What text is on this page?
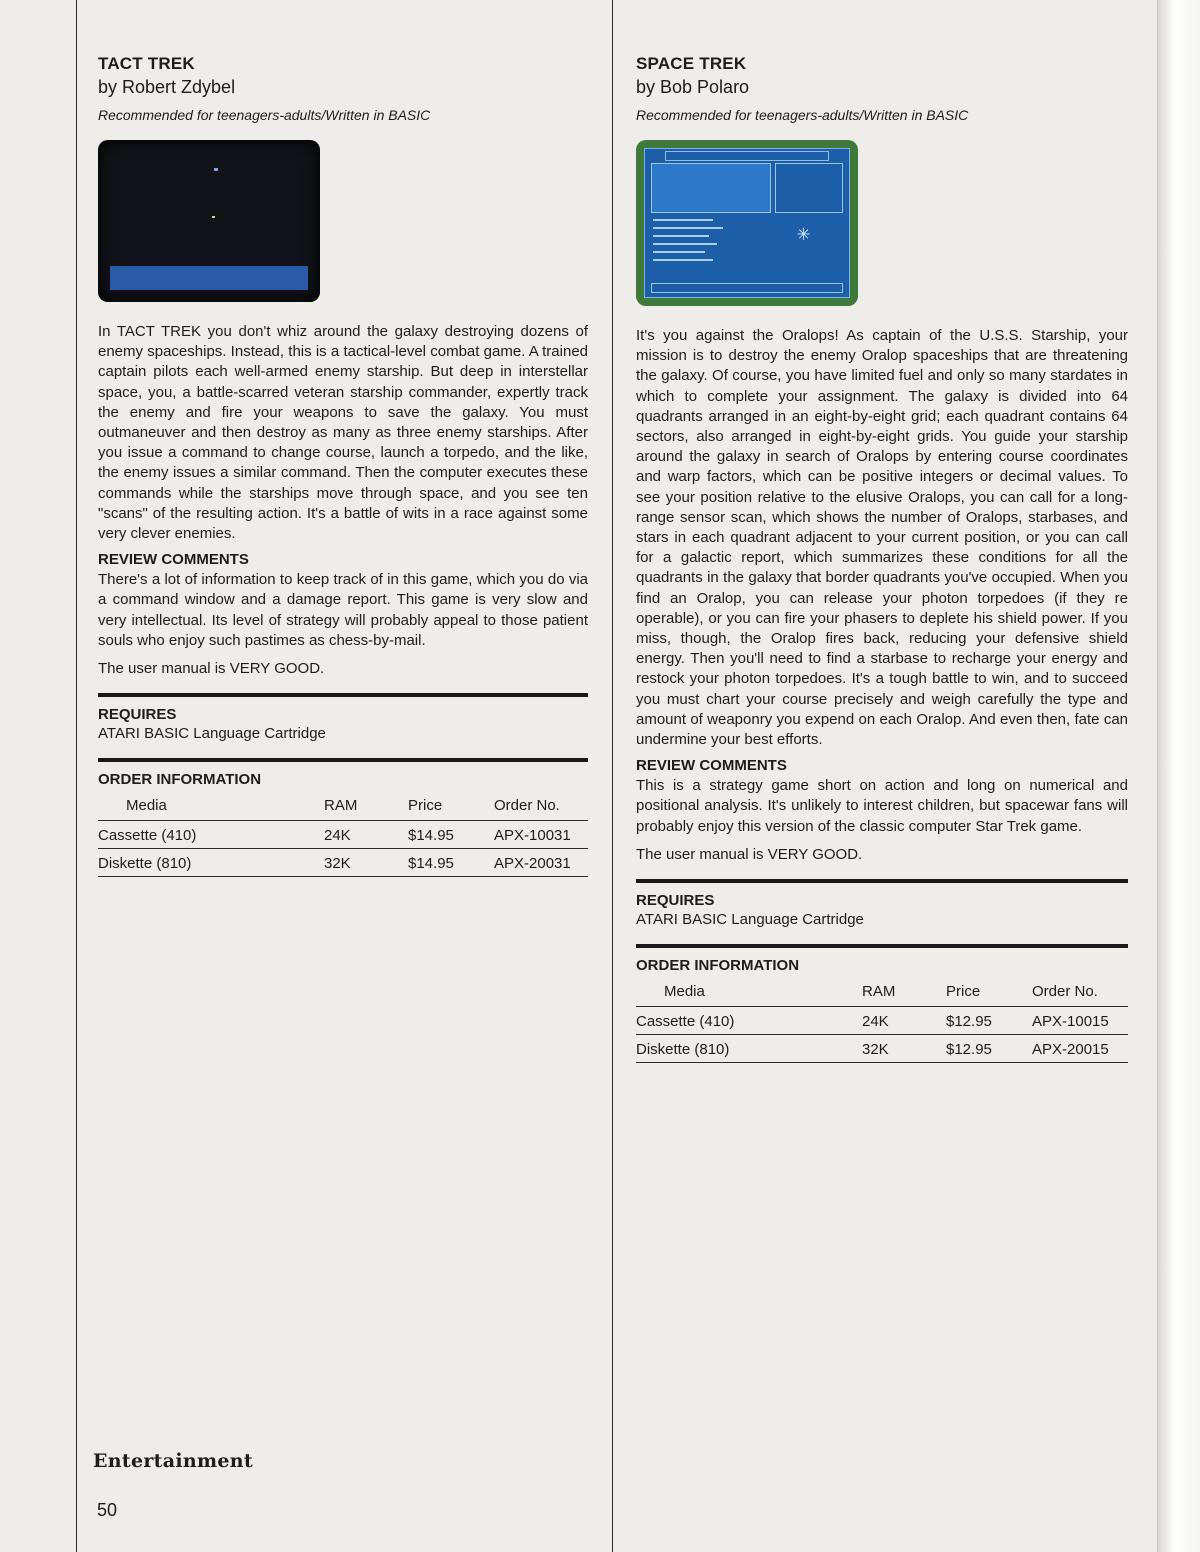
TACT TREK

by Robert Zdybel

Recommended for teenagers-adults/Written in BASIC

In TACT TREK you don't whiz around the galaxy destroying dozens of enemy spaceships. Instead, this is a tactical-level combat game. A trained captain pilots each well-armed enemy starship. But deep in interstellar space, you, a battle-scarred veteran starship commander, expertly track the enemy and fire your weapons to save the galaxy. You must outmaneuver and then destroy as many as three enemy starships. After you issue a command to change course, launch a torpedo, and the like, the enemy issues a similar command. Then the computer executes these commands while the starships move through space, and you see ten "scans" of the resulting action. It's a battle of wits in a race against some very clever enemies.

REVIEW COMMENTS

There's a lot of information to keep track of in this game, which you do via a command window and a damage report. This game is very slow and very intellectual. Its level of strategy will probably appeal to those patient souls who enjoy such pastimes as chess-by-mail.

The user manual is VERY GOOD.

REQUIRES

ATARI BASIC Language Cartridge

ORDER INFORMATION

Media	RAM	Price	Order No.
Cassette (410)	24K	$14.95	APX-10031
Diskette (810)	32K	$14.95	APX-20031
SPACE TREK

by Bob Polaro

Recommended for teenagers-adults/Written in BASIC

✳

It's you against the Oralops! As captain of the U.S.S. Starship, your mission is to destroy the enemy Oralop spaceships that are threatening the galaxy. Of course, you have limited fuel and only so many stardates in which to complete your assignment. The galaxy is divided into 64 quadrants arranged in an eight-by-eight grid; each quadrant contains 64 sectors, also arranged in eight-by-eight grids. You guide your starship around the galaxy in search of Oralops by entering course coordinates and warp factors, which can be positive integers or decimal values. To see your position relative to the elusive Oralops, you can call for a long-range sensor scan, which shows the number of Oralops, starbases, and stars in each quadrant adjacent to your current position, or you can call for a galactic report, which summarizes these conditions for all the quadrants in the galaxy that border quadrants you've occupied. When you find an Oralop, you can release your photon torpedoes (if they re operable), or you can fire your phasers to deplete his shield power. If you miss, though, the Oralop fires back, reducing your defensive shield energy. Then you'll need to find a starbase to recharge your energy and restock your photon torpedoes. It's a tough battle to win, and to succeed you must chart your course precisely and weigh carefully the type and amount of weaponry you expend on each Oralop. And even then, fate can undermine your best efforts.

REVIEW COMMENTS

This is a strategy game short on action and long on numerical and positional analysis. It's unlikely to interest children, but spacewar fans will probably enjoy this version of the classic computer Star Trek game.

The user manual is VERY GOOD.

REQUIRES

ATARI BASIC Language Cartridge

ORDER INFORMATION

Media	RAM	Price	Order No.
Cassette (410)	24K	$12.95	APX-10015
Diskette (810)	32K	$12.95	APX-20015

Entertainment

50
